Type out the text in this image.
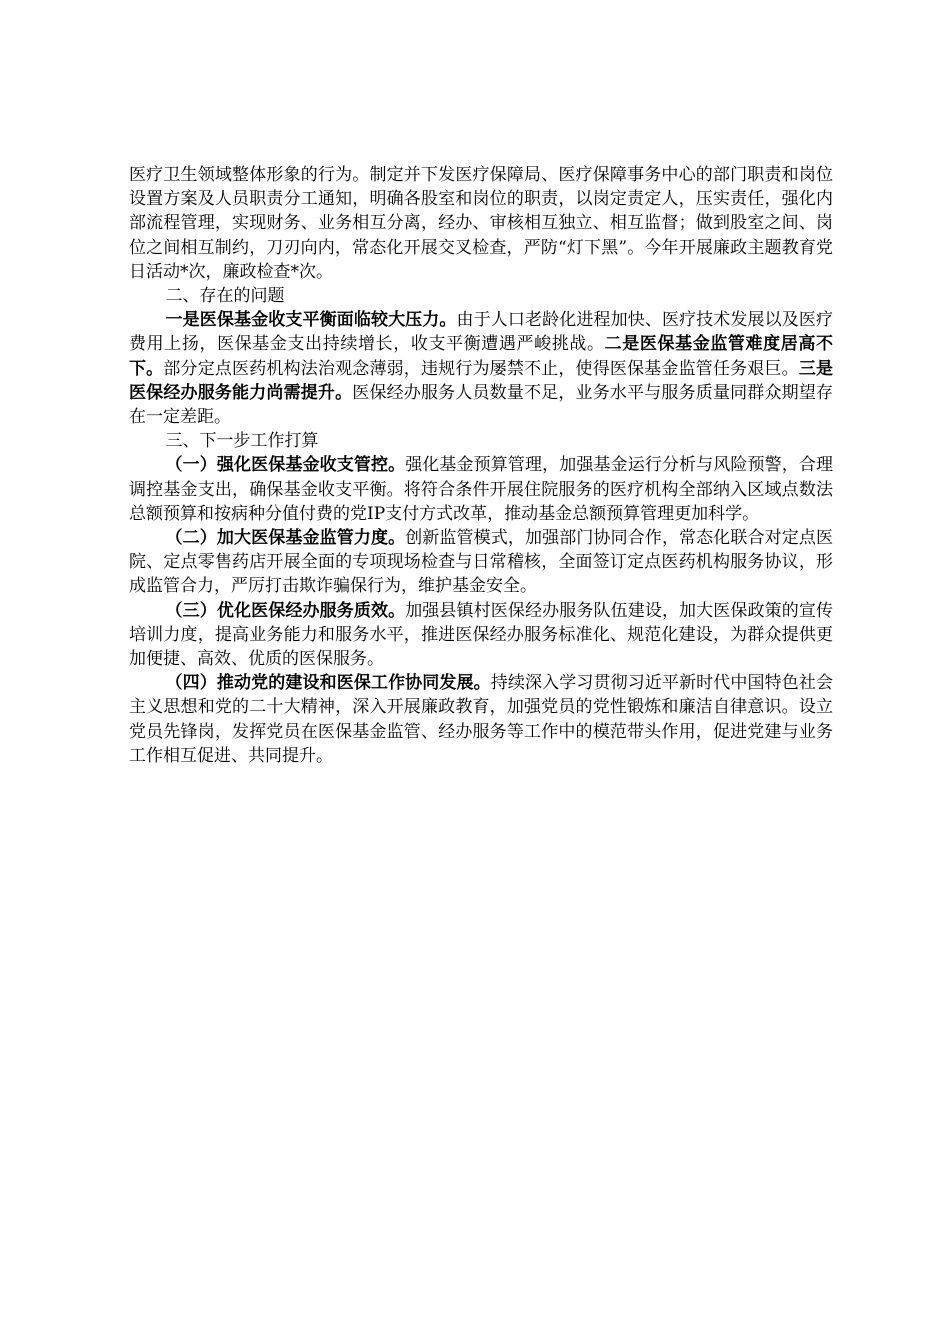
医疗卫生领域整体形象的行为。制定并下发医疗保障局、医疗保障事务中心的部门职责和岗位设置方案及人员职责分工通知，明确各股室和岗位的职责，以岗定责定人，压实责任，强化内部流程管理，实现财务、业务相互分离，经办、审核相互独立、相互监督；做到股室之间、岗位之间相互制约，刀刃向内，常态化开展交叉检查，严防“灯下黑”。今年开展廉政主题教育党日活动*次，廉政检查*次。

二、存在的问题

一是医保基金收支平衡面临较大压力。由于人口老龄化进程加快、医疗技术发展以及医疗费用上扬，医保基金支出持续增长，收支平衡遭遇严峻挑战。二是医保基金监管难度居高不下。部分定点医药机构法治观念薄弱，违规行为屡禁不止，使得医保基金监管任务艰巨。三是医保经办服务能力尚需提升。医保经办服务人员数量不足，业务水平与服务质量同群众期望存在一定差距。

三、下一步工作打算

（一）强化医保基金收支管控。强化基金预算管理，加强基金运行分析与风险预警，合理调控基金支出，确保基金收支平衡。将符合条件开展住院服务的医疗机构全部纳入区域点数法总额预算和按病种分值付费的党IP支付方式改革，推动基金总额预算管理更加科学。

（二）加大医保基金监管力度。创新监管模式，加强部门协同合作，常态化联合对定点医院、定点零售药店开展全面的专项现场检查与日常稽核，全面签订定点医药机构服务协议，形成监管合力，严厉打击欺诈骗保行为，维护基金安全。

（三）优化医保经办服务质效。加强县镇村医保经办服务队伍建设，加大医保政策的宣传培训力度，提高业务能力和服务水平，推进医保经办服务标准化、规范化建设，为群众提供更加便捷、高效、优质的医保服务。

（四）推动党的建设和医保工作协同发展。持续深入学习贯彻习近平新时代中国特色社会主义思想和党的二十大精神，深入开展廉政教育，加强党员的党性锻炼和廉洁自律意识。设立党员先锋岗，发挥党员在医保基金监管、经办服务等工作中的模范带头作用，促进党建与业务工作相互促进、共同提升。
